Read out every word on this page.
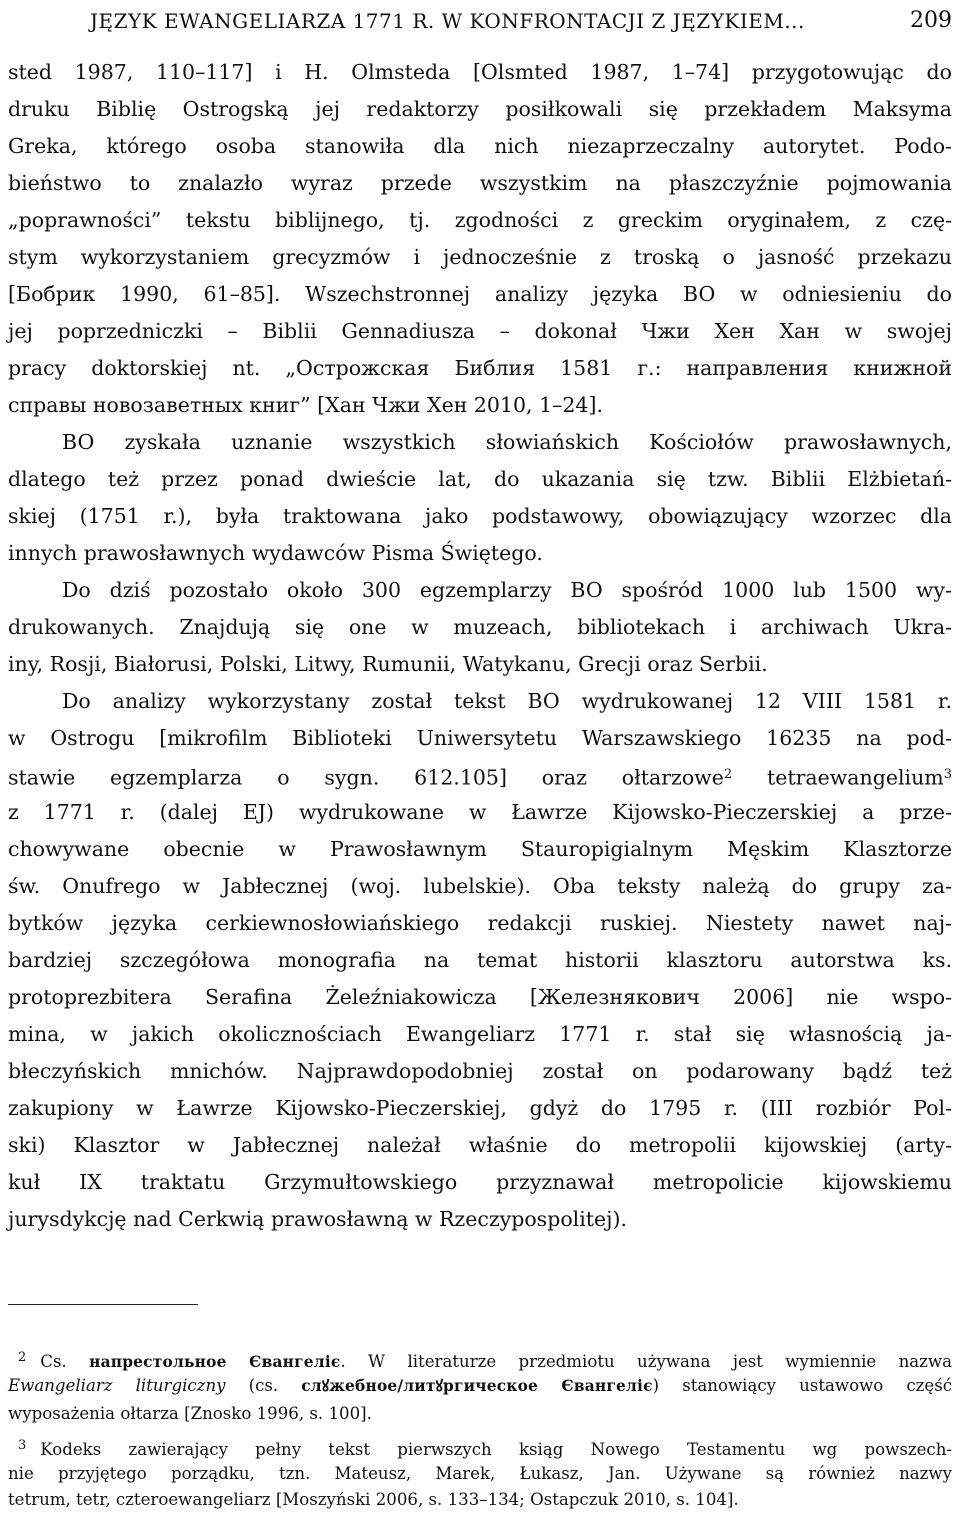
JĘZYK EWANGELIARZA 1771 R. W KONFRONTACJI Z JĘZYKIEM...	209
sted 1987, 110–117] i H. Olmsteda [Olsmted 1987, 1–74] przygotowując do
druku Biblię Ostrogską jej redaktorzy posiłkowali się przekładem Maksyma
Greka, którego osoba stanowiła dla nich niezaprzeczalny autorytet. Podo-
bieństwo to znalazło wyraz przede wszystkim na płaszczyźnie pojmowania
„poprawności” tekstu biblijnego, tj. zgodności z greckim oryginałem, z czę-
stym wykorzystaniem grecyzmów i jednocześnie z troską o jasność przekazu
[Бобрик 1990, 61–85]. Wszechstronnej analizy języka BO w odniesieniu do
jej poprzedniczki – Biblii Gennadiusza – dokonał Чжи Хен Хан w swojej
pracy doktorskiej nt. „Острожская Библия 1581 г.: направления книжной
справы новозаветных книг” [Хан Чжи Хен 2010, 1–24].
BO zyskała uznanie wszystkich słowiańskich Kościołów prawosławnych,
dlatego też przez ponad dwieście lat, do ukazania się tzw. Biblii Elżbietań-
skiej (1751 r.), była traktowana jako podstawowy, obowiązujący wzorzec dla
innych prawosławnych wydawców Pisma Świętego.
Do dziś pozostało około 300 egzemplarzy BO spośród 1000 lub 1500 wy-
drukowanych. Znajdują się one w muzeach, bibliotekach i archiwach Ukra-
iny, Rosji, Białorusi, Polski, Litwy, Rumunii, Watykanu, Grecji oraz Serbii.
Do analizy wykorzystany został tekst BO wydrukowanej 12 VIII 1581 r.
w Ostrogu [mikrofilm Biblioteki Uniwersytetu Warszawskiego 16235 na pod-
stawie egzemplarza o sygn. 612.105] oraz ołtarzowe$^2$ tetraewangelium$^3$
z 1771 r. (dalej EJ) wydrukowane w Ławrze Kijowsko-Pieczerskiej a prze-
chowywane obecnie w Prawosławnym Stauropigialnym Męskim Klasztorze
św. Onufrego w Jabłecznej (woj. lubelskie). Oba teksty należą do grupy za-
bytków języka cerkiewnosłowiańskiego redakcji ruskiej. Niestety nawet naj-
bardziej szczegółowa monografia na temat historii klasztoru autorstwa ks.
protoprezbitera Serafina Żeleźniakowicza [Железнякович 2006] nie wspo-
mina, w jakich okolicznościach Ewangeliarz 1771 r. stał się własnością ja-
błeczyńskich mnichów. Najprawdopodobniej został on podarowany bądź też
zakupiony w Ławrze Kijowsko-Pieczerskiej, gdyż do 1795 r. (III rozbiór Pol-
ski) Klasztor w Jabłecznej należał właśnie do metropolii kijowskiej (arty-
kuł IX traktatu Grzymułtowskiego przyznawał metropolicie kijowskiemu
jurysdykcję nad Cerkwią prawosławną w Rzeczypospolitej).
$^2$ Cs. напрестольное Євангеліє. W literaturze przedmiotu używana jest wymiennie nazwa
Ewangeliarz liturgiczny (cs. слꙋжебное/литꙋргическое Євангеліє) stanowiący ustawowo część
wyposażenia ołtarza [Znosko 1996, s. 100].
$^3$ Kodeks zawierający pełny tekst pierwszych ksiąg Nowego Testamentu wg powszech-
nie przyjętego porządku, tzn. Mateusz, Marek, Łukasz, Jan. Używane są również nazwy
tetrum, tetr, czteroewangeliarz [Moszyński 2006, s. 133–134; Ostapczuk 2010, s. 104].
